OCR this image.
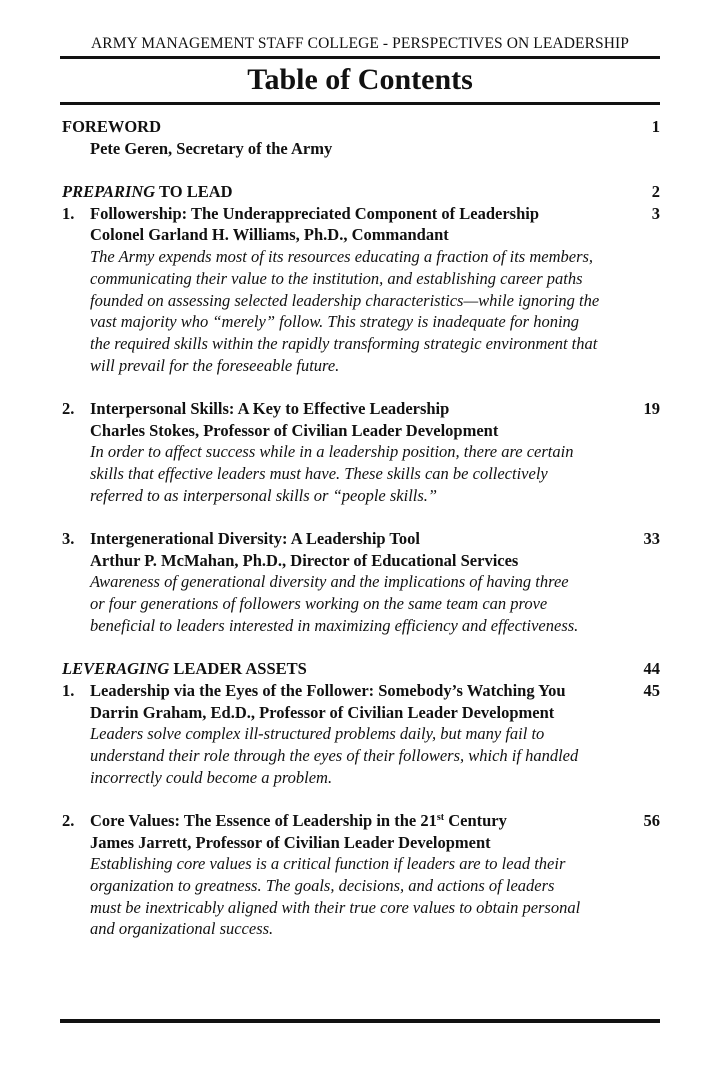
ARMY MANAGEMENT STAFF COLLEGE - PERSPECTIVES ON LEADERSHIP
Table of Contents
FOREWORD	1
Pete Geren, Secretary of the Army
PREPARING TO LEAD	2
1. Followership: The Underappreciated Component of Leadership	3
Colonel Garland H. Williams, Ph.D., Commandant
The Army expends most of its resources educating a fraction of its members,
communicating their value to the institution, and establishing career paths
founded on assessing selected leadership characteristics—while ignoring the
vast majority who “merely” follow. This strategy is inadequate for honing
the required skills within the rapidly transforming strategic environment that
will prevail for the foreseeable future.
2. Interpersonal Skills: A Key to Effective Leadership	19
Charles Stokes, Professor of Civilian Leader Development
In order to affect success while in a leadership position, there are certain
skills that effective leaders must have. These skills can be collectively
referred to as interpersonal skills or “people skills.”
3. Intergenerational Diversity: A Leadership Tool	33
Arthur P. McMahan, Ph.D., Director of Educational Services
Awareness of generational diversity and the implications of having three
or four generations of followers working on the same team can prove
beneficial to leaders interested in maximizing efficiency and effectiveness.
LEVERAGING LEADER ASSETS	44
1. Leadership via the Eyes of the Follower: Somebody’s Watching You	45
Darrin Graham, Ed.D., Professor of Civilian Leader Development
Leaders solve complex ill-structured problems daily, but many fail to
understand their role through the eyes of their followers, which if handled
incorrectly could become a problem.
2. Core Values: The Essence of Leadership in the 21st Century	56
James Jarrett, Professor of Civilian Leader Development
Establishing core values is a critical function if leaders are to lead their
organization to greatness. The goals, decisions, and actions of leaders
must be inextricably aligned with their true core values to obtain personal
and organizational success.
